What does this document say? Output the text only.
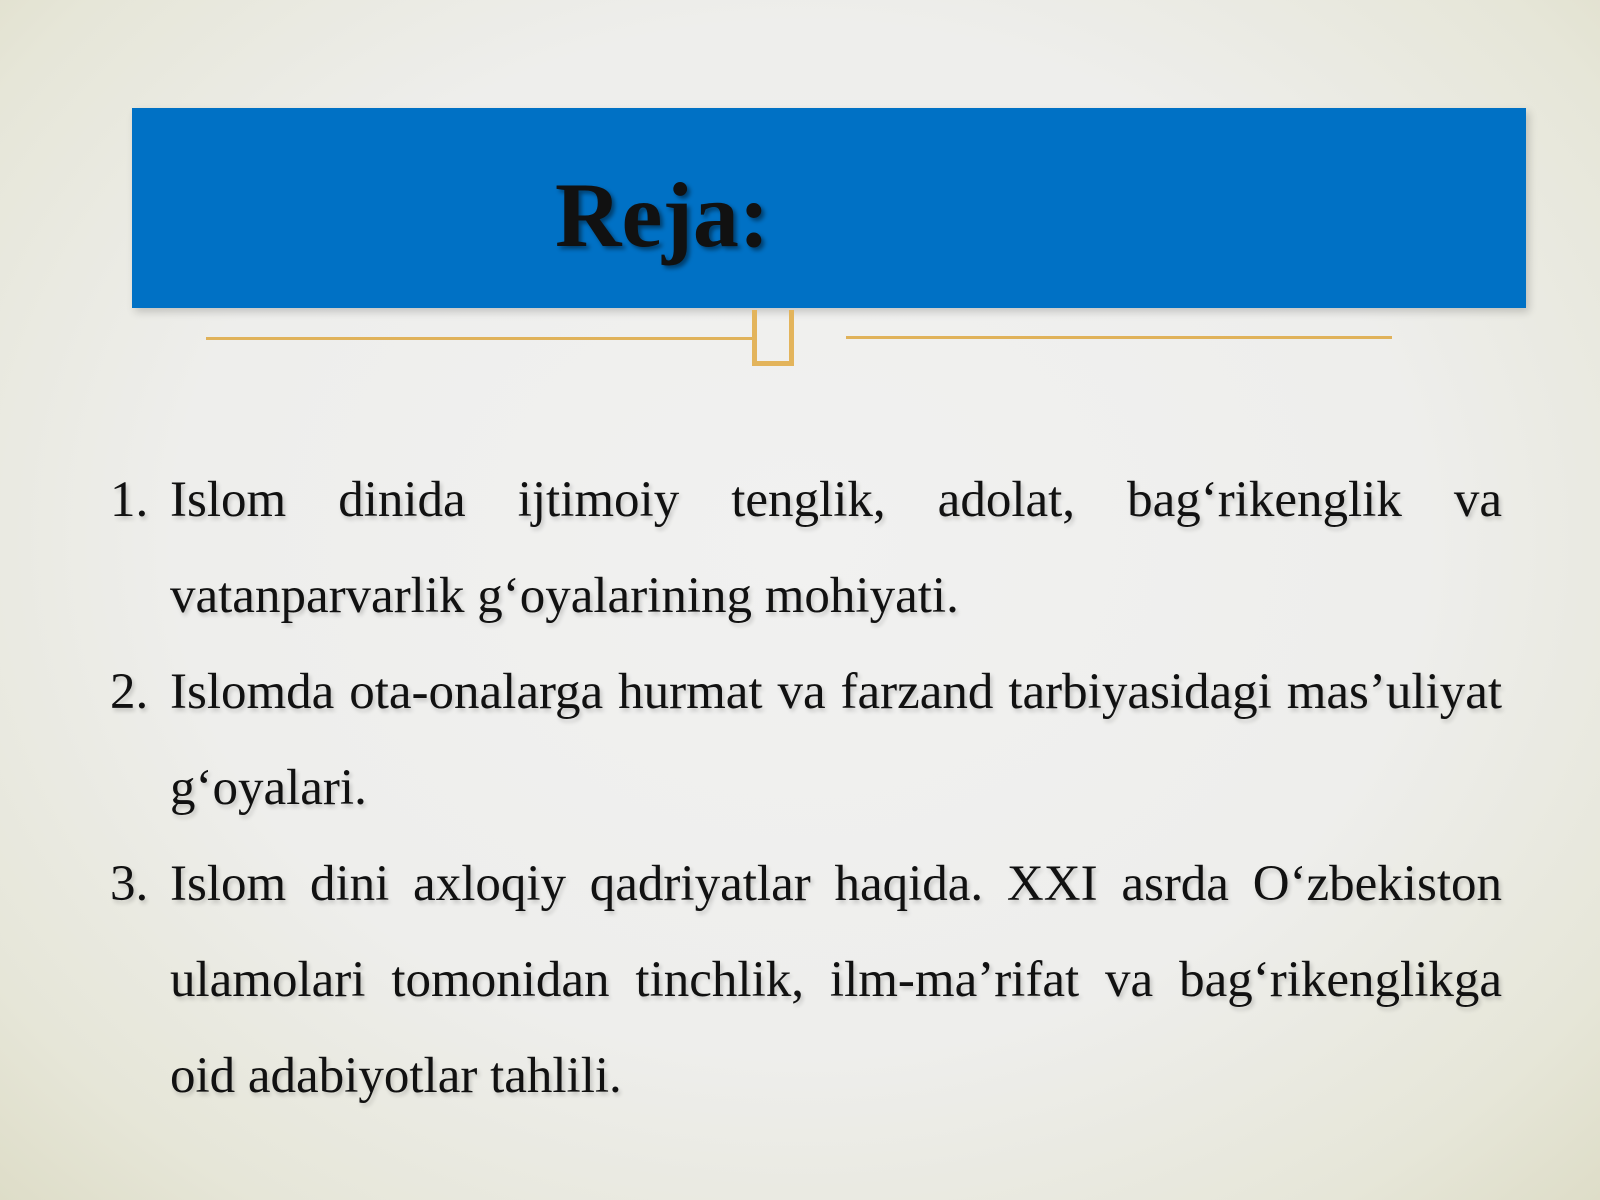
Reja:
1. Islom dinida ijtimoiy tenglik, adolat, bag‘rikenglik va vatanparvarlik g‘oyalarining mohiyati.
2. Islomda ota-onalarga hurmat va farzand tarbiyasidagi mas’uliyat g‘oyalari.
3. Islom dini axloqiy qadriyatlar haqida. XXI asrda O‘zbekiston ulamolari tomonidan tinchlik, ilm-ma’rifat va bag‘rikenglikga oid adabiyotlar tahlili.
